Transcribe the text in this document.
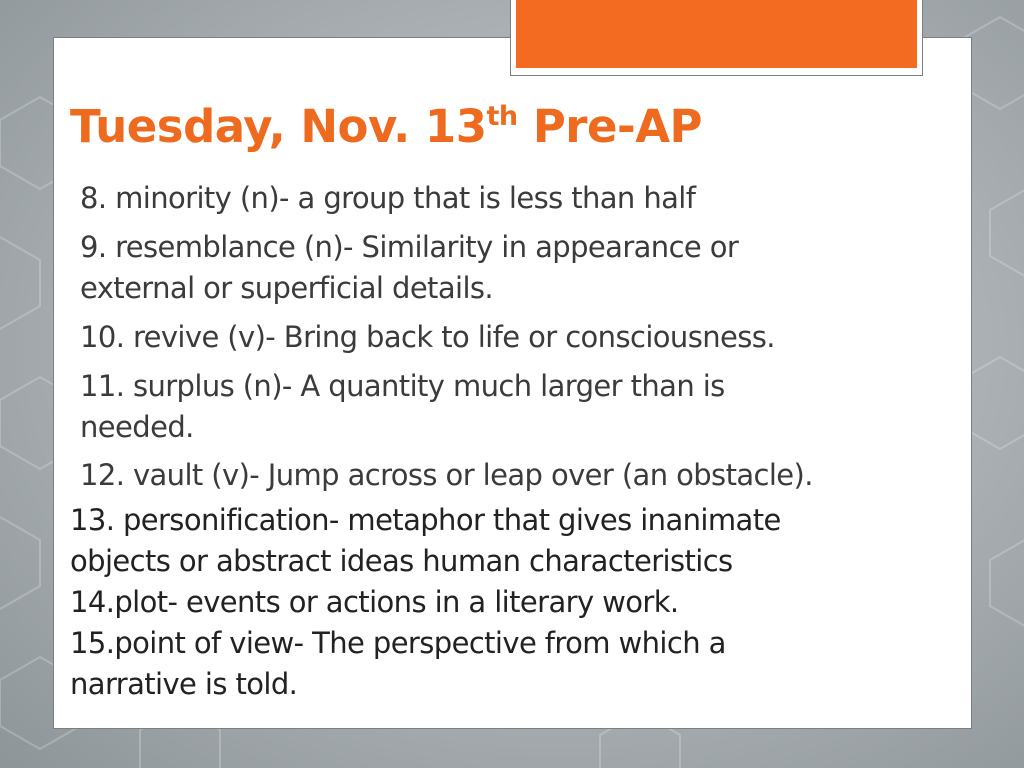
Tuesday, Nov. 13th Pre-AP

8. minority (n)- a group that is less than half

9. resemblance (n)- Similarity in appearance or

external or superficial details.

10. revive (v)- Bring back to life or consciousness.

11. surplus (n)- A quantity much larger than is

needed.

12. vault (v)- Jump across or leap over (an obstacle).

13. personification- metaphor that gives inanimate
objects or abstract ideas human characteristics
14.plot- events or actions in a literary work.
15.point of view- The perspective from which a
narrative is told.
